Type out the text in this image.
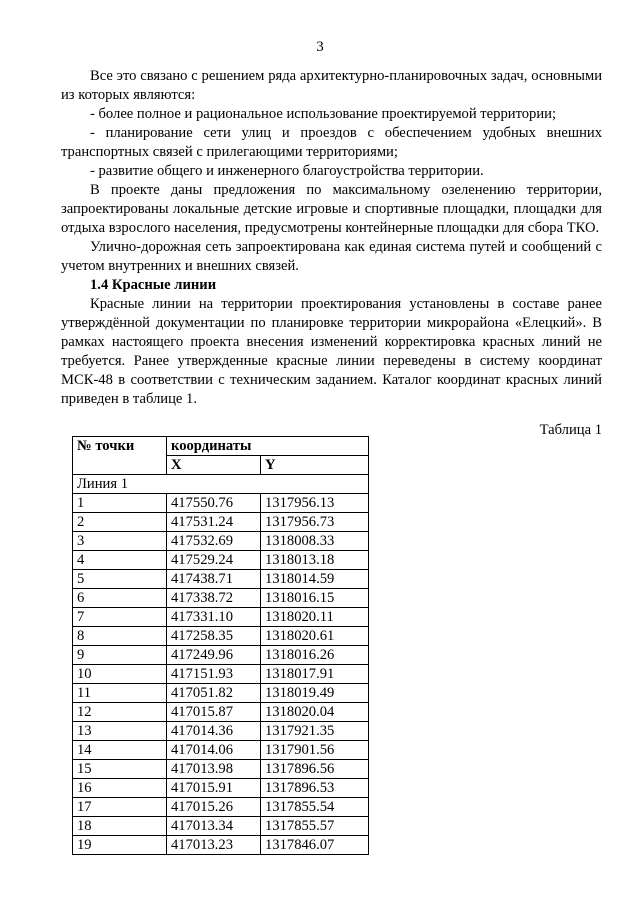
3

Все это связано с решением ряда архитектурно-планировочных задач, основными из которых являются:

- более полное и рациональное использование проектируемой территории;

- планирование сети улиц и проездов с обеспечением удобных внешних транспортных связей с прилегающими территориями;

- развитие общего и инженерного благоустройства территории.

В проекте даны предложения по максимальному озеленению территории, запроектированы локальные детские игровые и спортивные площадки, площадки для отдыха взрослого населения, предусмотрены контейнерные площадки для сбора ТКО.

Улично-дорожная сеть запроектирована как единая система путей и сообщений с учетом внутренних и внешних связей.

1.4 Красные линии

Красные линии на территории проектирования установлены в составе ранее утверждённой документации по планировке территории микрорайона «Елецкий». В рамках настоящего проекта внесения изменений корректировка красных линий не требуется. Ранее утвержденные красные линии переведены в систему координат МСК-48 в соответствии с техническим заданием. Каталог координат красных линий приведен в таблице 1.

Таблица 1
№ точки	координаты	
	X	Y
Линия 1		
1	417550.76	1317956.13
2	417531.24	1317956.73
3	417532.69	1318008.33
4	417529.24	1318013.18
5	417438.71	1318014.59
6	417338.72	1318016.15
7	417331.10	1318020.11
8	417258.35	1318020.61
9	417249.96	1318016.26
10	417151.93	1318017.91
11	417051.82	1318019.49
12	417015.87	1318020.04
13	417014.36	1317921.35
14	417014.06	1317901.56
15	417013.98	1317896.56
16	417015.91	1317896.53
17	417015.26	1317855.54
18	417013.34	1317855.57
19	417013.23	1317846.07
